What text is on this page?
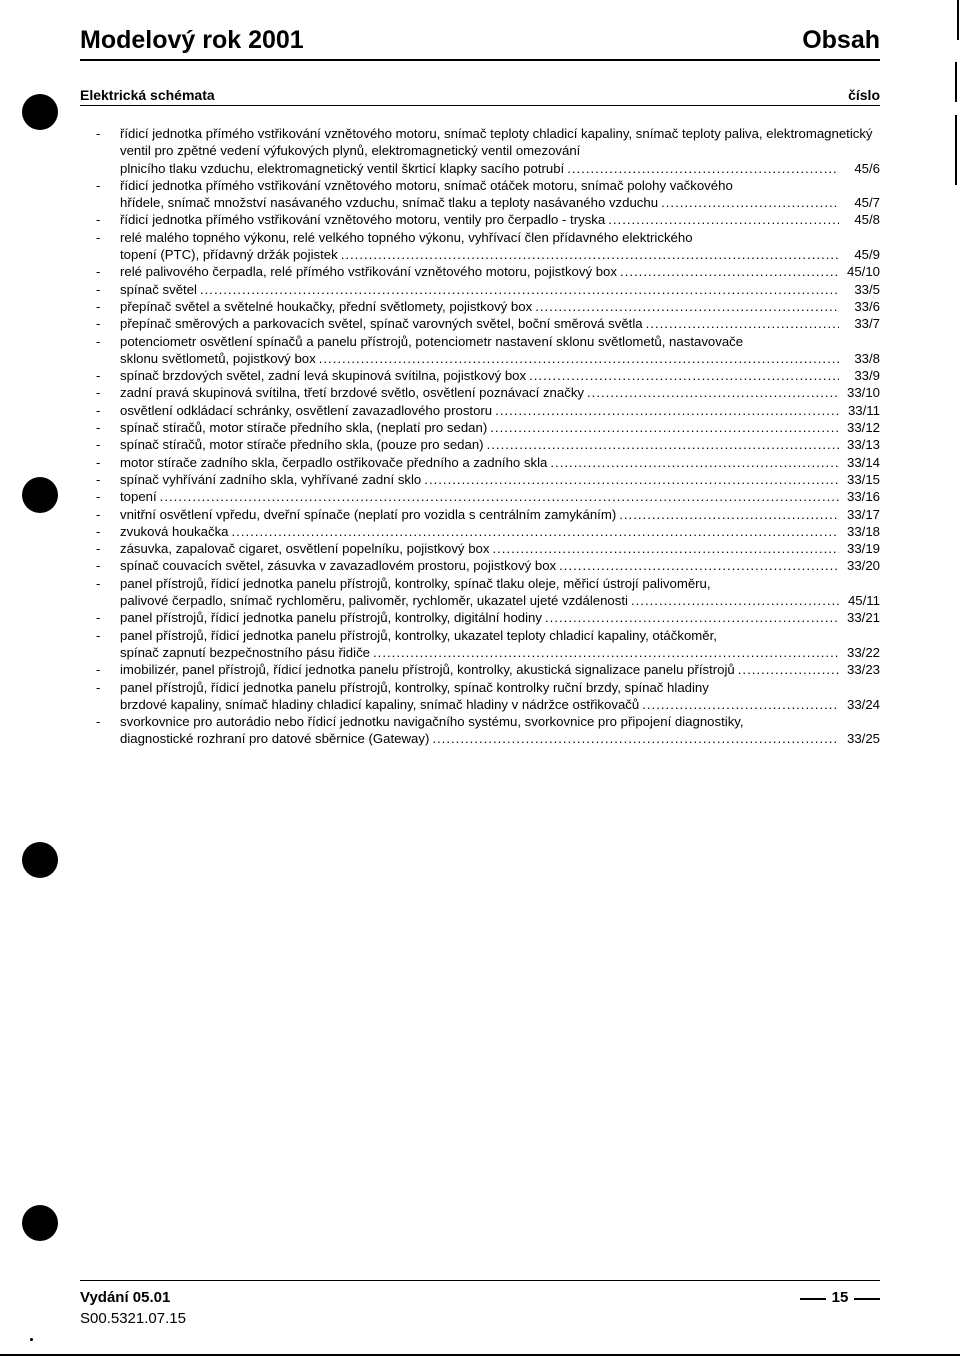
Modelový rok 2001	Obsah
Elektrická schémata	číslo
- řídicí jednotka přímého vstřikování vznětového motoru, snímač teploty chladicí kapaliny, snímač teploty paliva, elektromagnetický ventil pro zpětné vedení výfukových plynů, elektromagnetický ventil omezování
plnicího tlaku vzduchu, elektromagnetický ventil škrticí klapky sacího potrubí .....	45/6
- řídicí jednotka přímého vstřikování vznětového motoru, snímač otáček motoru, snímač polohy vačkového
hřídele, snímač množství nasávaného vzduchu, snímač tlaku a teploty nasávaného vzduchu .....	45/7
- řídicí jednotka přímého vstřikování vznětového motoru, ventily pro čerpadlo - tryska .....	45/8
- relé malého topného výkonu, relé velkého topného výkonu, vyhřívací člen přídavného elektrického
topení (PTC), přídavný držák pojistek .....	45/9
- relé palivového čerpadla, relé přímého vstřikování vznětového motoru, pojistkový box .....	45/10
- spínač světel .....	33/5
- přepínač světel a světelné houkačky, přední světlomety, pojistkový box .....	33/6
- přepínač směrových a parkovacích světel, spínač varovných světel, boční směrová světla .....	33/7
- potenciometr osvětlení spínačů a panelu přístrojů, potenciometr nastavení sklonu světlometů, nastavovače
sklonu světlometů, pojistkový box .....	33/8
- spínač brzdových světel, zadní levá skupinová svítilna, pojistkový box .....	33/9
- zadní pravá skupinová svítilna, třetí brzdové světlo, osvětlení poznávací značky .....	33/10
- osvětlení odkládací schránky, osvětlení zavazadlového prostoru .....	33/11
- spínač stíračů, motor stírače předního skla, (neplatí pro sedan) .....	33/12
- spínač stíračů, motor stírače předního skla, (pouze pro sedan) .....	33/13
- motor stírače zadního skla, čerpadlo ostřikovače předního a zadního skla .....	33/14
- spínač vyhřívání zadního skla, vyhřívané zadní sklo .....	33/15
- topení .....	33/16
- vnitřní osvětlení vpředu, dveřní spínače (neplatí pro vozidla s centrálním zamykáním) .....	33/17
- zvuková houkačka .....	33/18
- zásuvka, zapalovač cigaret, osvětlení popelníku, pojistkový box .....	33/19
- spínač couvacích světel, zásuvka v zavazadlovém prostoru, pojistkový box .....	33/20
- panel přístrojů, řídicí jednotka panelu přístrojů, kontrolky, spínač tlaku oleje, měřicí ústrojí palivoměru,
palivové čerpadlo, snímač rychloměru, palivoměr, rychloměr, ukazatel ujeté vzdálenosti .....	45/11
- panel přístrojů, řídicí jednotka panelu přístrojů, kontrolky, digitální hodiny .....	33/21
- panel přístrojů, řídicí jednotka panelu přístrojů, kontrolky, ukazatel teploty chladicí kapaliny, otáčkoměr,
spínač zapnutí bezpečnostního pásu řidiče .....	33/22
- imobilizér, panel přístrojů, řídicí jednotka panelu přístrojů, kontrolky, akustická signalizace panelu přístrojů .....	33/23
- panel přístrojů, řídicí jednotka panelu přístrojů, kontrolky, spínač kontrolky ruční brzdy, spínač hladiny
brzdové kapaliny, snímač hladiny chladicí kapaliny, snímač hladiny v nádržce ostřikovačů .....	33/24
- svorkovnice pro autorádio nebo řídicí jednotku navigačního systému, svorkovnice pro připojení diagnostiky,
diagnostické rozhraní pro datové sběrnice (Gateway) .....	33/25
Vydání 05.01
S00.5321.07.15
15
